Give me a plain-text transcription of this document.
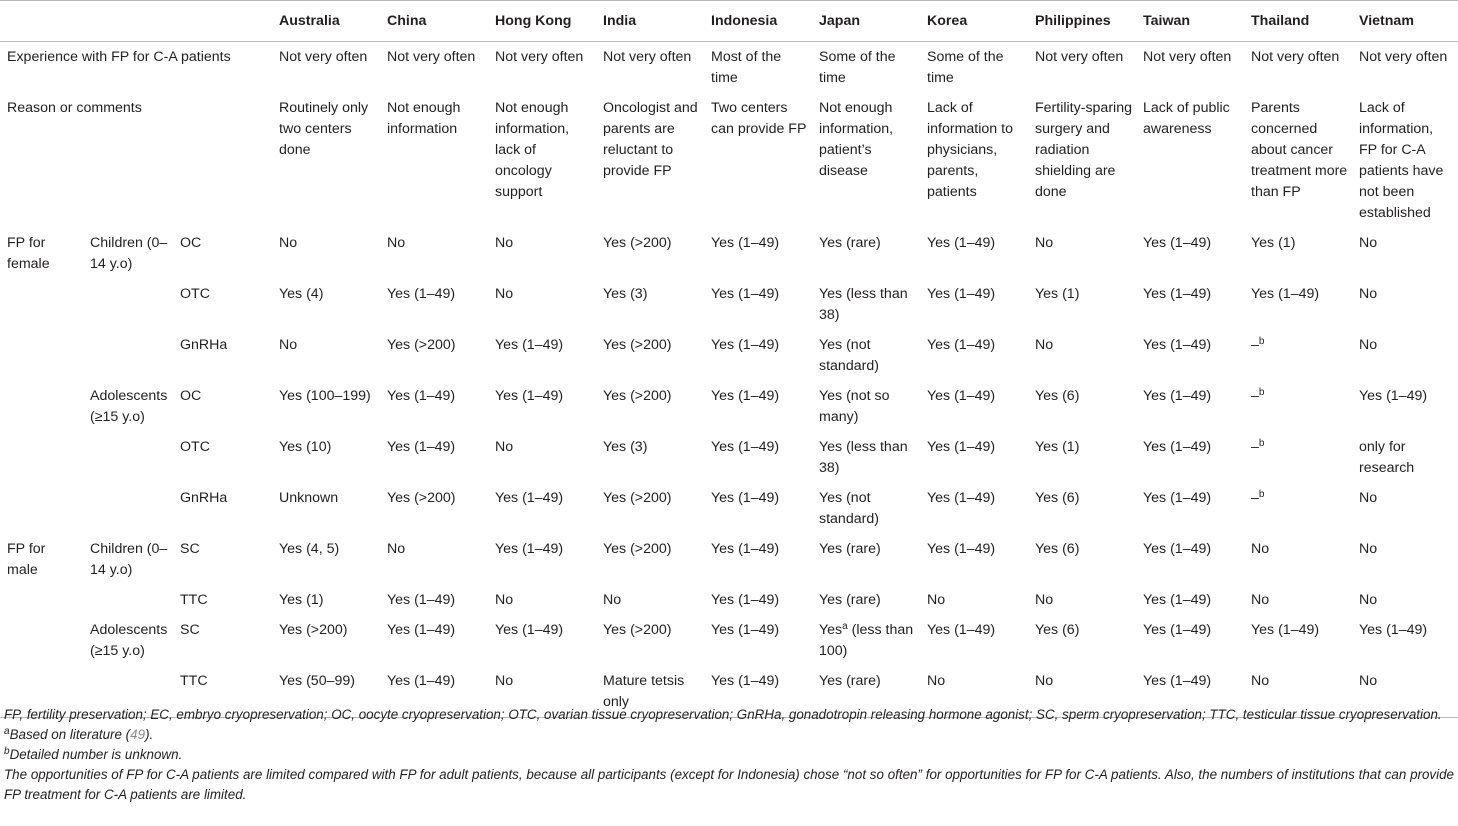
			Australia	China	Hong Kong	India	Indonesia	Japan	Korea	Philippines	Taiwan	Thailand	Vietnam
Experience with FP for C-A patients			Not very often	Not very often	Not very often	Not very often	Most of the time	Some of the time	Some of the time	Not very often	Not very often	Not very often	Not very often
Reason or comments			Routinely only two centers done	Not enough information	Not enough information, lack of oncology support	Oncologist and parents are reluctant to provide FP	Two centers can provide FP	Not enough information, patient’s disease	Lack of information to physicians, parents, patients	Fertility-sparing surgery and radiation shielding are done	Lack of public awareness	Parents concerned about cancer treatment more than FP	Lack of information, FP for C-A patients have not been established
FP for female	Children (0–14 y.o)	OC	No	No	No	Yes (>200)	Yes (1–49)	Yes (rare)	Yes (1–49)	No	Yes (1–49)	Yes (1)	No
		OTC	Yes (4)	Yes (1–49)	No	Yes (3)	Yes (1–49)	Yes (less than 38)	Yes (1–49)	Yes (1)	Yes (1–49)	Yes (1–49)	No
		GnRHa	No	Yes (>200)	Yes (1–49)	Yes (>200)	Yes (1–49)	Yes (not standard)	Yes (1–49)	No	Yes (1–49)	–$^b$	No
	Adolescents (≥15 y.o)	OC	Yes (100–199)	Yes (1–49)	Yes (1–49)	Yes (>200)	Yes (1–49)	Yes (not so many)	Yes (1–49)	Yes (6)	Yes (1–49)	–$^b$	Yes (1–49)
		OTC	Yes (10)	Yes (1–49)	No	Yes (3)	Yes (1–49)	Yes (less than 38)	Yes (1–49)	Yes (1)	Yes (1–49)	–$^b$	only for research
		GnRHa	Unknown	Yes (>200)	Yes (1–49)	Yes (>200)	Yes (1–49)	Yes (not standard)	Yes (1–49)	Yes (6)	Yes (1–49)	–$^b$	No
FP for male	Children (0–14 y.o)	SC	Yes (4, 5)	No	Yes (1–49)	Yes (>200)	Yes (1–49)	Yes (rare)	Yes (1–49)	Yes (6)	Yes (1–49)	No	No
		TTC	Yes (1)	Yes (1–49)	No	No	Yes (1–49)	Yes (rare)	No	No	Yes (1–49)	No	No
	Adolescents (≥15 y.o)	SC	Yes (>200)	Yes (1–49)	Yes (1–49)	Yes (>200)	Yes (1–49)	Yes$^a$ (less than 100)	Yes (1–49)	Yes (6)	Yes (1–49)	Yes (1–49)	Yes (1–49)
		TTC	Yes (50–99)	Yes (1–49)	No	Mature tetsis only	Yes (1–49)	Yes (rare)	No	No	Yes (1–49)	No	No

FP, fertility preservation; EC, embryo cryopreservation; OC, oocyte cryopreservation; OTC, ovarian tissue cryopreservation; GnRHa, gonadotropin releasing hormone agonist; SC, sperm cryopreservation; TTC, testicular tissue cryopreservation.

$^a$Based on literature (49).

$^b$Detailed number is unknown.

The opportunities of FP for C-A patients are limited compared with FP for adult patients, because all participants (except for Indonesia) chose “not so often” for opportunities for FP for C-A patients. Also, the numbers of institutions that can provide FP treatment for C-A patients are limited.
